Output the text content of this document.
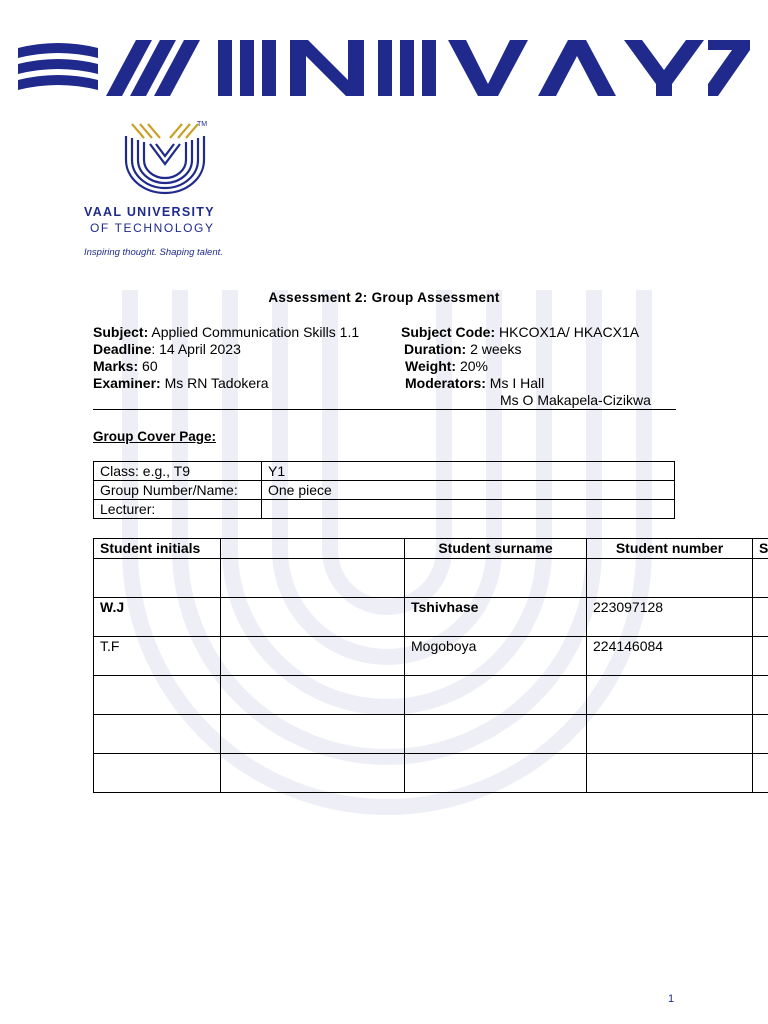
TM
VAAL UNIVERSITY
OF TECHNOLOGY
Inspiring thought. Shaping talent.
Assessment 2: Group Assessment
Subject: Applied Communication Skills 1.1	Subject Code: HKCOX1A/ HKACX1A
Deadline: 14 April 2023	Duration: 2 weeks
Marks: 60	Weight: 20%
Examiner: Ms RN Tadokera	Moderators: Ms I Hall
Ms O Makapela-Cizikwa
Group Cover Page:
Class: e.g., T9	Y1
Group Number/Name:	One piece
Lecturer:	
Student initials		Student surname	Student number	S

W.J		Tshivhase	223097128	
T.F		Mogoboya	224146084	

1
